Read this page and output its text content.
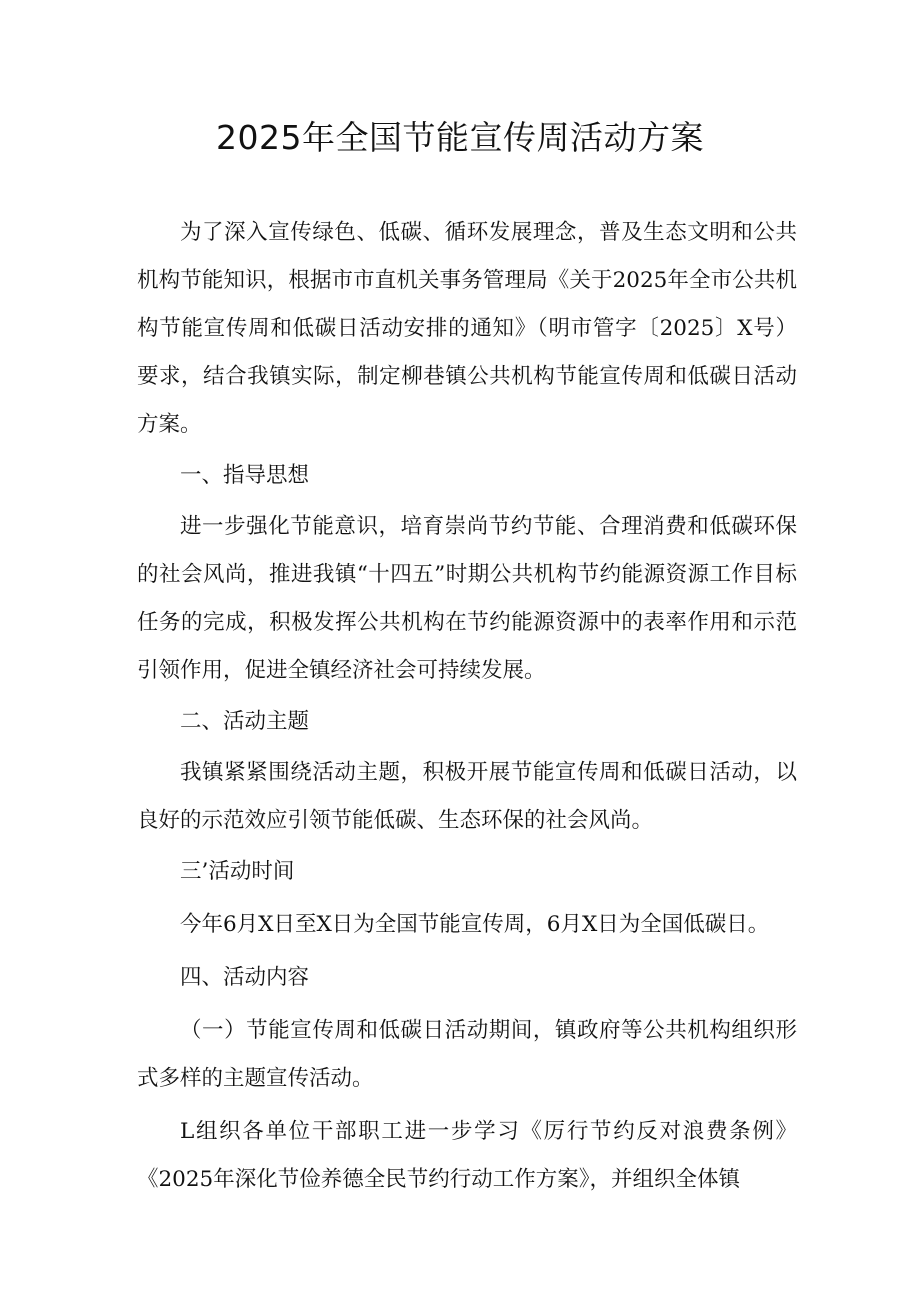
2025年全国节能宣传周活动方案

为了深入宣传绿色、低碳、循环发展理念，普及生态文明和公共机构节能知识，根据市市直机关事务管理局《关于2025年全市公共机构节能宣传周和低碳日活动安排的通知》（明市管字〔2025〕X号）要求，结合我镇实际，制定柳巷镇公共机构节能宣传周和低碳日活动方案。

一、指导思想

进一步强化节能意识，培育崇尚节约节能、合理消费和低碳环保的社会风尚，推进我镇“十四五”时期公共机构节约能源资源工作目标任务的完成，积极发挥公共机构在节约能源资源中的表率作用和示范引领作用，促进全镇经济社会可持续发展。

二、活动主题

我镇紧紧围绕活动主题，积极开展节能宣传周和低碳日活动，以良好的示范效应引领节能低碳、生态环保的社会风尚。

三’活动时间

今年6月X日至X日为全国节能宣传周，6月X日为全国低碳日。

四、活动内容

（一）节能宣传周和低碳日活动期间，镇政府等公共机构组织形式多样的主题宣传活动。

L组织各单位干部职工进一步学习《厉行节约反对浪费条例》《2025年深化节俭养德全民节约行动工作方案》，并组织全体镇
